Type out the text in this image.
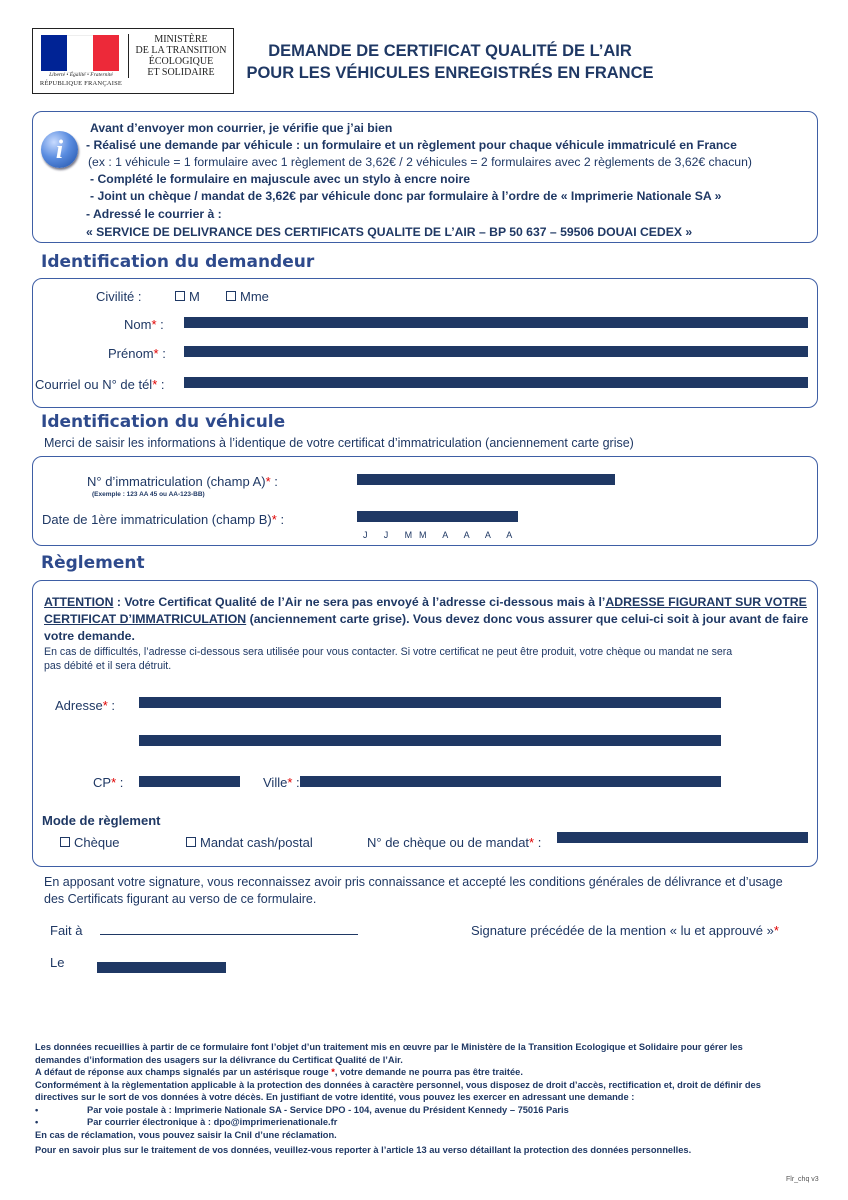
Liberté • Égalité • Fraternité
RÉPUBLIQUE FRANÇAISE
MINISTÈRE
DE LA TRANSITION
ÉCOLOGIQUE
ET SOLIDAIRE
DEMANDE DE CERTIFICAT QUALITÉ DE L’AIR
POUR LES VÉHICULES ENREGISTRÉS EN FRANCE
i
Avant d’envoyer mon courrier, je vérifie que j’ai bien
- Réalisé une demande par véhicule : un formulaire et un règlement pour chaque véhicule immatriculé en France
(ex : 1 véhicule = 1 formulaire avec 1 règlement de 3,62€ / 2 véhicules = 2 formulaires avec 2 règlements de 3,62€ chacun)
- Complété le formulaire en majuscule avec un stylo à encre noire
- Joint un chèque / mandat de 3,62€ par véhicule donc par formulaire à l’ordre de « Imprimerie Nationale SA »
- Adressé le courrier à :
« SERVICE DE DELIVRANCE DES CERTIFICATS QUALITE DE L’AIR – BP 50 637 – 59506 DOUAI CEDEX »
Identification du demandeur
Civilité :	M	Mme
Nom* :
Prénom* :
Courriel ou N° de tél* :
Identification du véhicule
Merci de saisir les informations à l’identique de votre certificat d’immatriculation (anciennement carte grise)
N° d’immatriculation (champ A)* :
(Exemple : 123 AA 45 ou AA-123-BB)
Date de 1ère immatriculation (champ B)* :
J   J   M M   A   A   A   A
Règlement
ATTENTION : Votre Certificat Qualité de l’Air ne sera pas envoyé à l’adresse ci-dessous mais à l’ADRESSE FIGURANT SUR VOTRE
CERTIFICAT D’IMMATRICULATION (anciennement carte grise). Vous devez donc vous assurer que celui-ci soit à jour avant de faire
votre demande.
En cas de difficultés, l’adresse ci-dessous sera utilisée pour vous contacter. Si votre certificat ne peut être produit, votre chèque ou mandat ne sera
pas débité et il sera détruit.
Adresse* :
CP* :	Ville* :
Mode de règlement
Chèque	Mandat cash/postal	N° de chèque ou de mandat* :
En apposant votre signature, vous reconnaissez avoir pris connaissance et accepté les conditions générales de délivrance et d’usage
des Certificats figurant au verso de ce formulaire.
Fait à	Signature précédée de la mention « lu et approuvé »*
Le
Les données recueillies à partir de ce formulaire font l’objet d’un traitement mis en œuvre par le Ministère de la Transition Ecologique et Solidaire pour gérer les
demandes d’information des usagers sur la délivrance du Certificat Qualité de l’Air.
A défaut de réponse aux champs signalés par un astérisque rouge *, votre demande ne pourra pas être traitée.
Conformément à la règlementation applicable à la protection des données à caractère personnel, vous disposez de droit d’accès, rectification et, droit de définir des
directives sur le sort de vos données à votre décès. En justifiant de votre identité, vous pouvez les exercer en adressant une demande :
•	Par voie postale à : Imprimerie Nationale SA - Service DPO - 104, avenue du Président Kennedy – 75016 Paris
•	Par courrier électronique à : dpo@imprimerienationale.fr
En cas de réclamation, vous pouvez saisir la Cnil d’une réclamation.
Pour en savoir plus sur le traitement de vos données, veuillez-vous reporter à l’article 13 au verso détaillant la protection des données personnelles.
Flr_chq v3
